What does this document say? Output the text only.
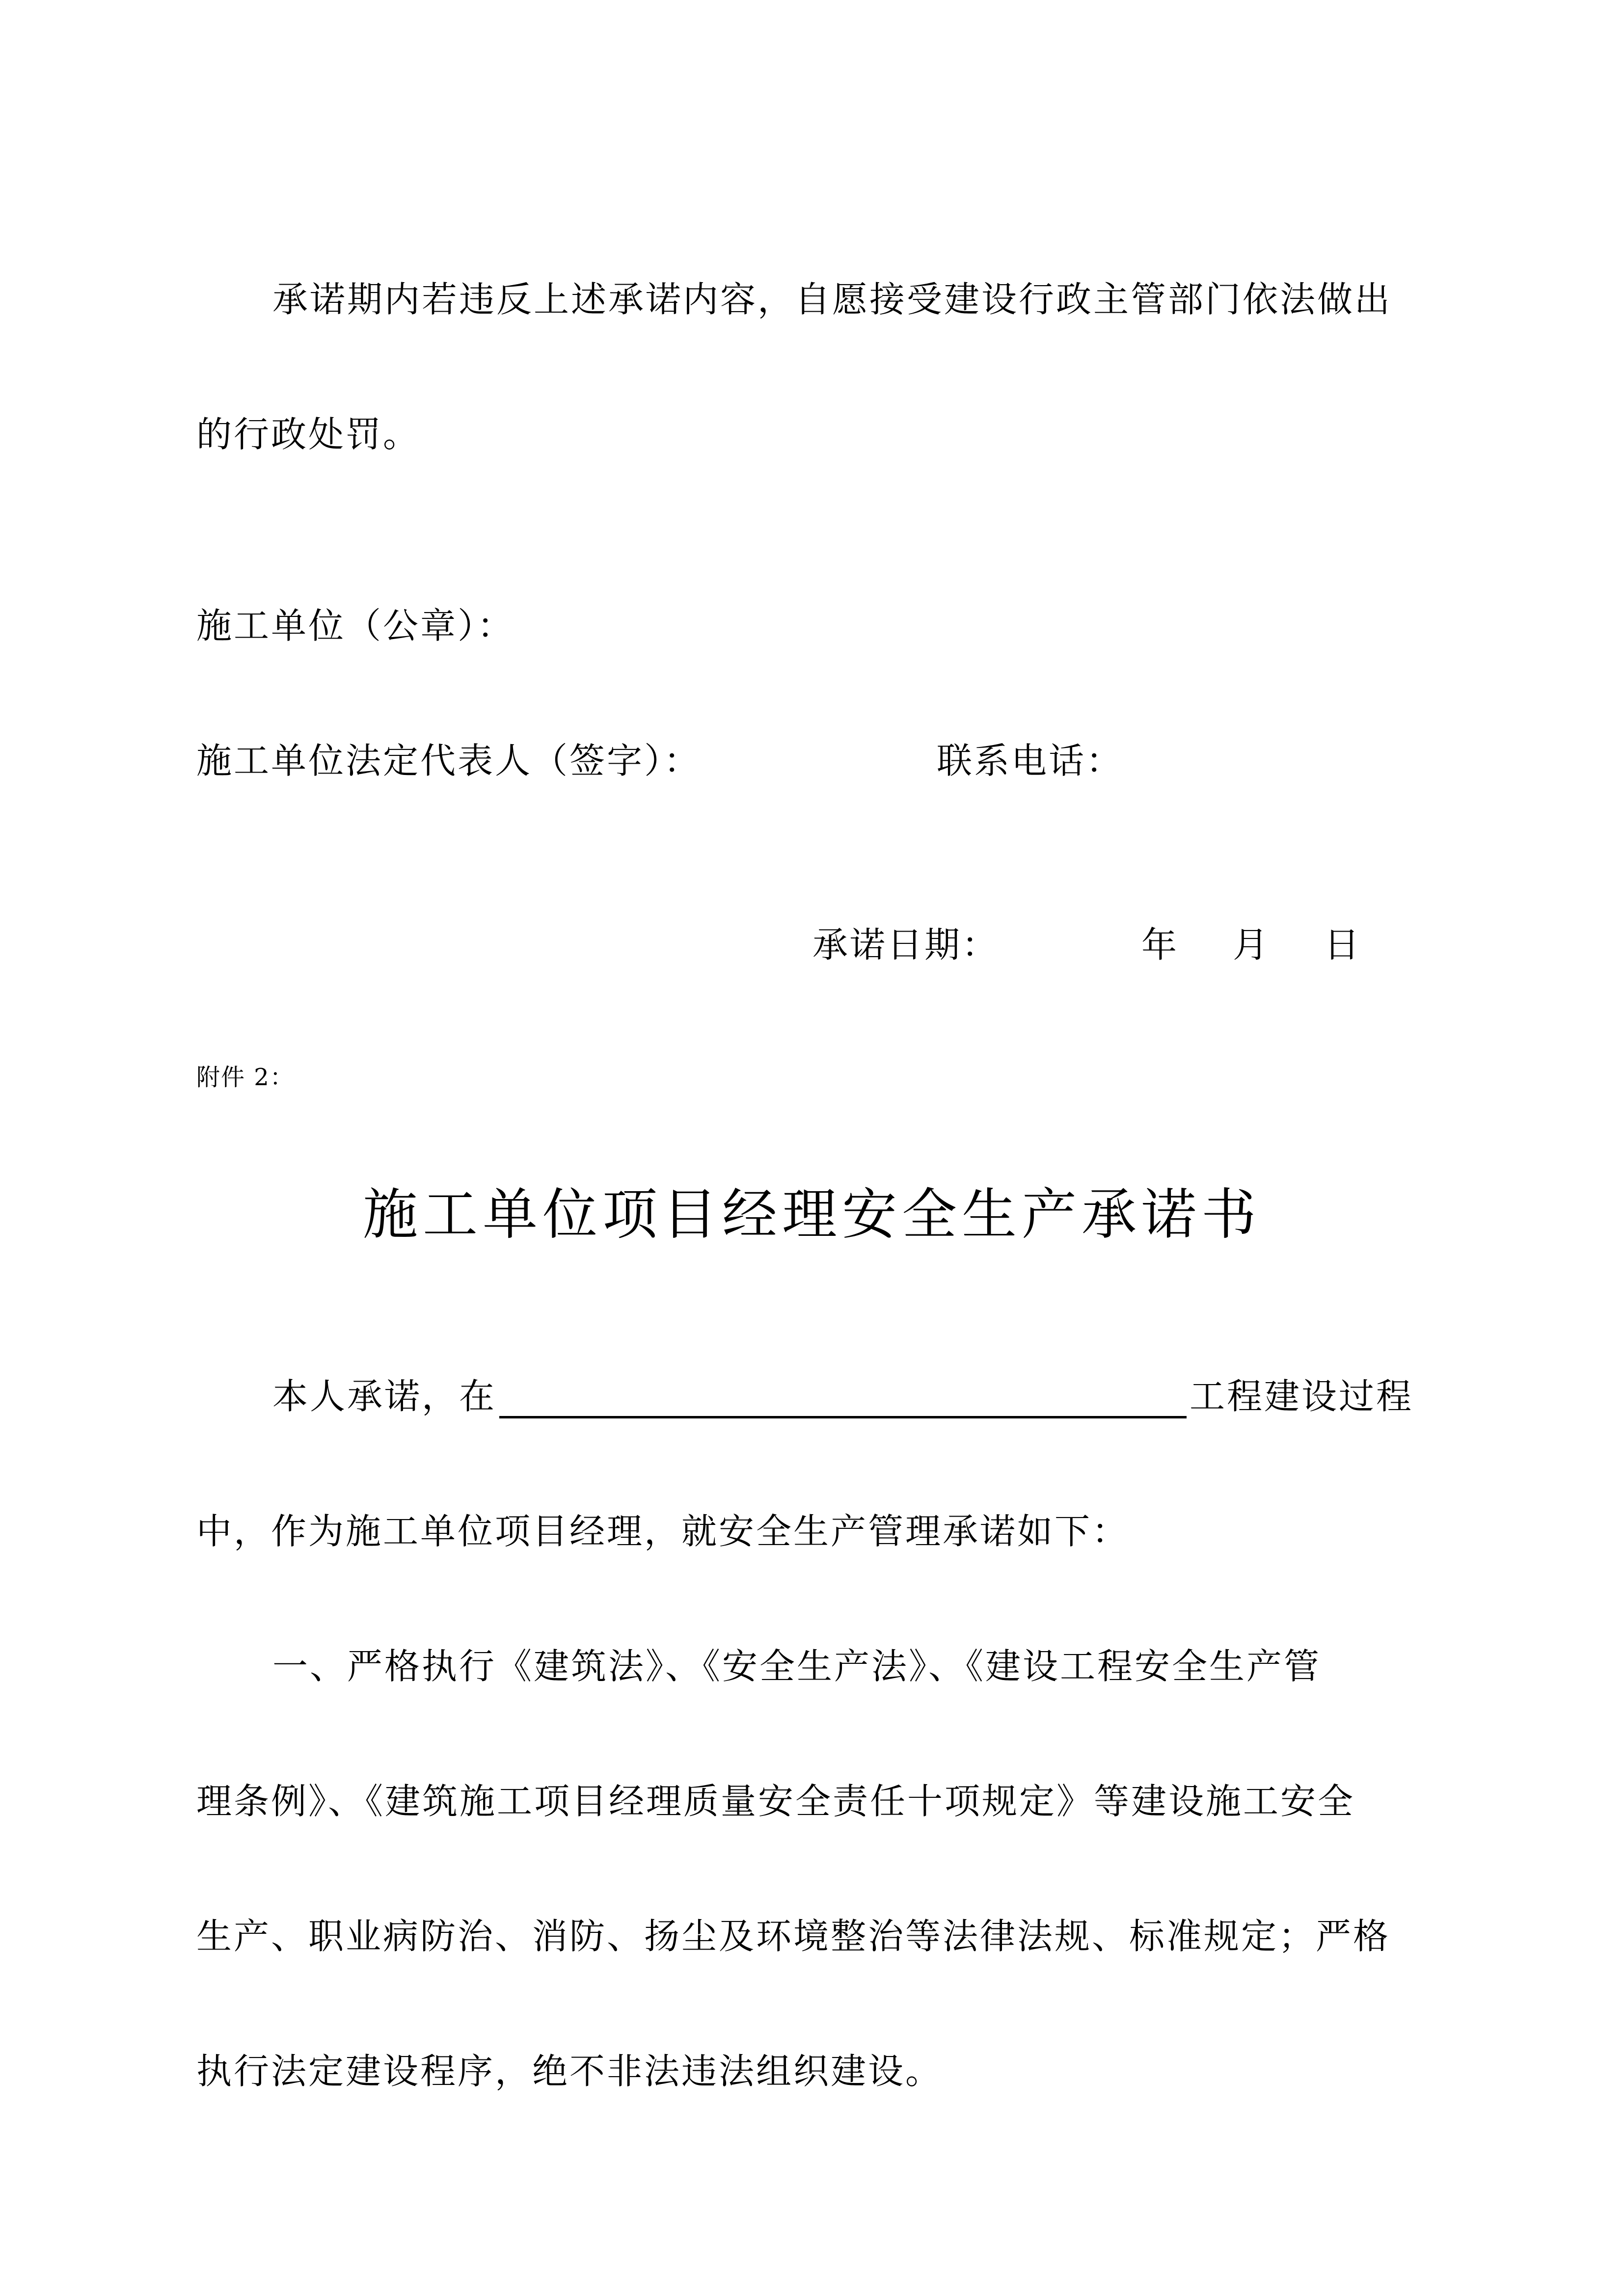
承诺期内若违反上述承诺内容，自愿接受建设行政主管部门依法做出
的行政处罚。
施工单位（公章）：
施工单位法定代表人（签字）：	联系电话：
承诺日期：	年 月 日
附件 2：
施工单位项目经理安全生产承诺书
本人承诺，在	工程建设过程
中，作为施工单位项目经理，就安全生产管理承诺如下：
一、严格执行《建筑法》、《安全生产法》、《建设工程安全生产管
理条例》、《建筑施工项目经理质量安全责任十项规定》等建设施工安全
生产、职业病防治、消防、扬尘及环境整治等法律法规、标准规定；严格
执行法定建设程序，绝不非法违法组织建设。
